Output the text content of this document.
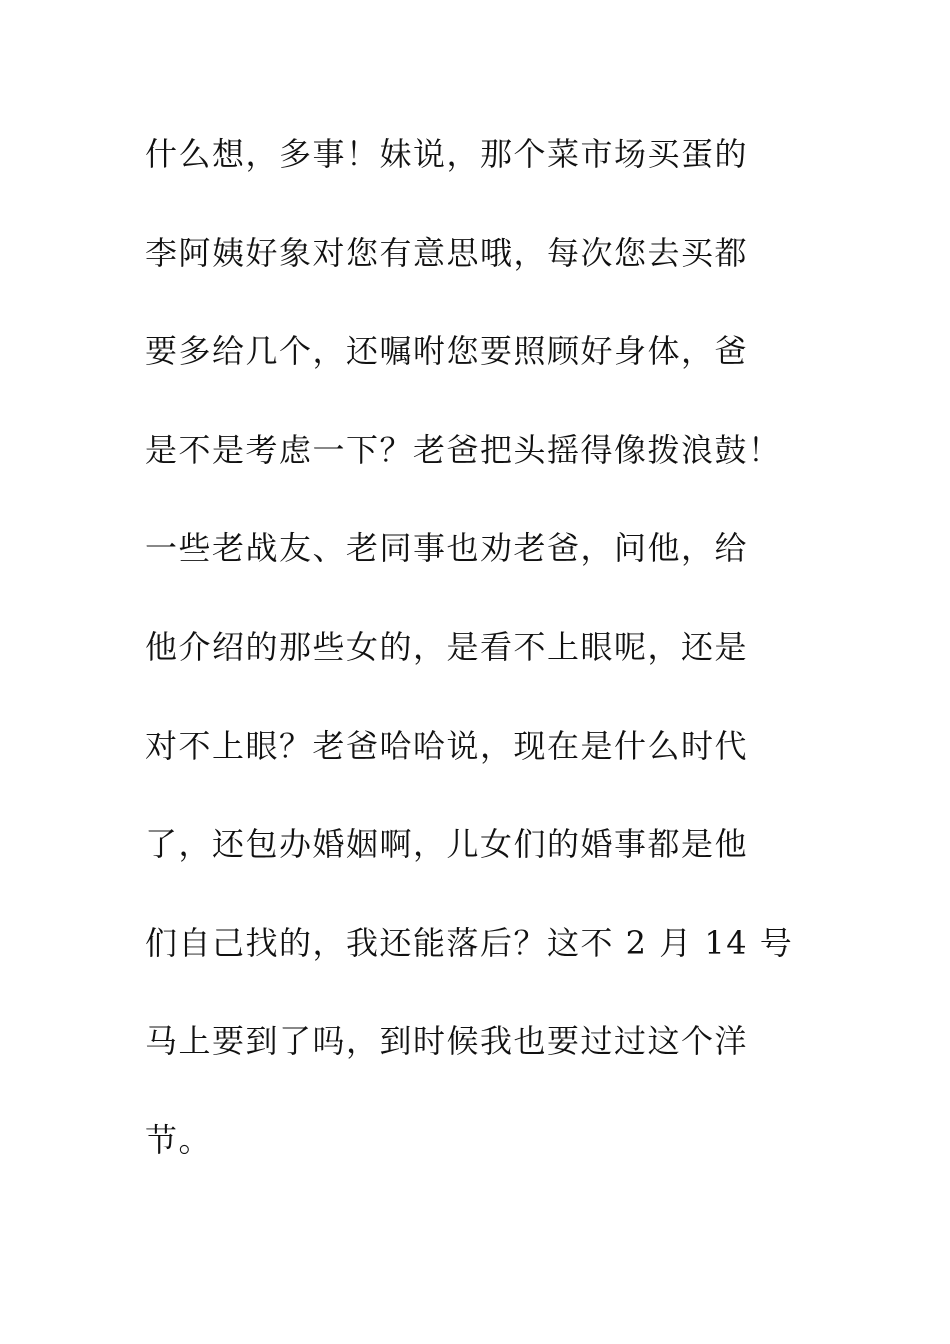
什么想，多事！妹说，那个菜市场买蛋的
李阿姨好象对您有意思哦，每次您去买都
要多给几个，还嘱咐您要照顾好身体，爸
是不是考虑一下？老爸把头摇得像拨浪鼓！
一些老战友、老同事也劝老爸，问他，给
他介绍的那些女的，是看不上眼呢，还是
对不上眼？老爸哈哈说，现在是什么时代
了，还包办婚姻啊，儿女们的婚事都是他
们自己找的，我还能落后？这不 2 月 14 号
马上要到了吗，到时候我也要过过这个洋
节。
